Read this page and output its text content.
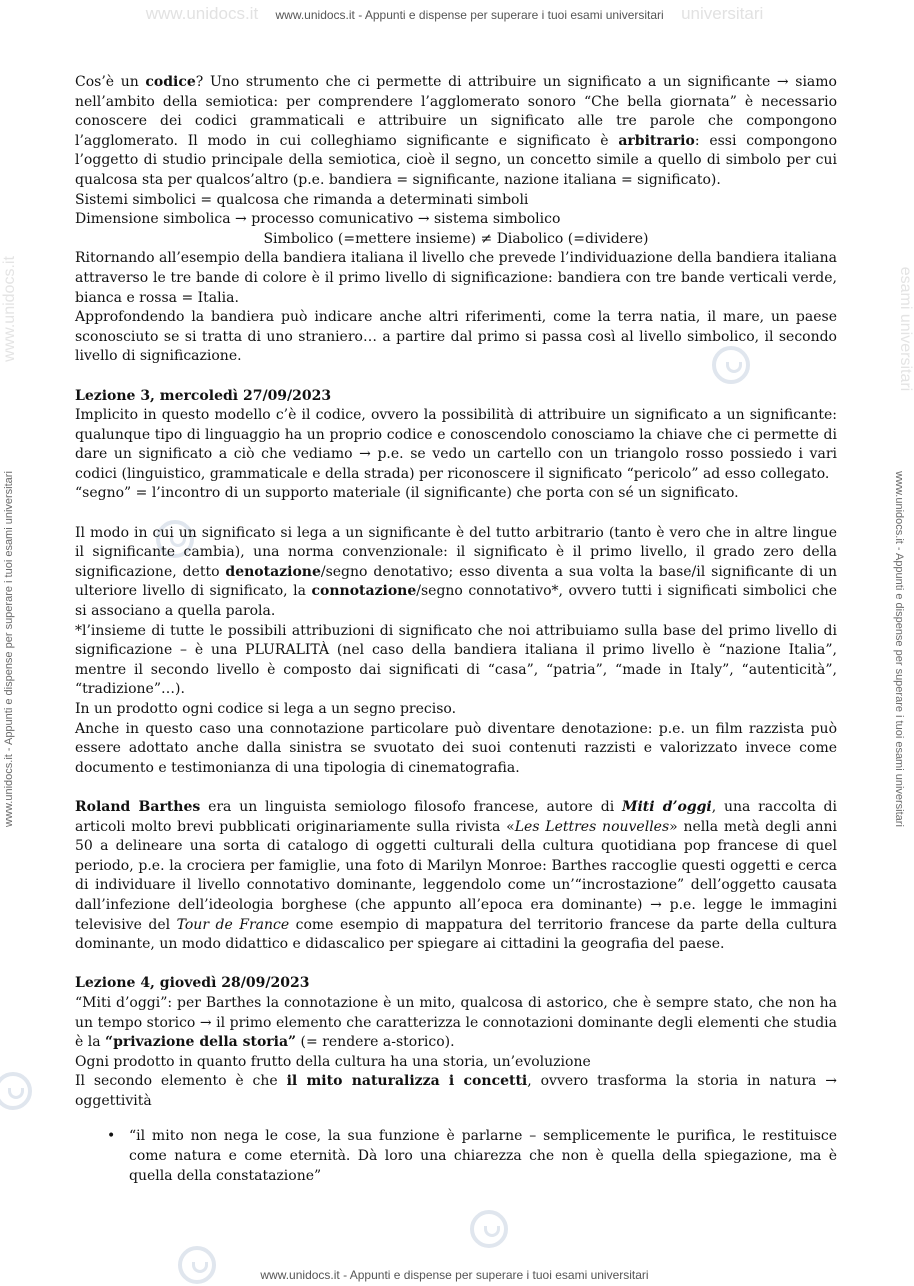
www.unidocs.it www.unidocs.it - Appunti e dispense per superare i tuoi esami universitari universitari
www.unidocs.it - Appunti e dispense per superare i tuoi esami universitari
www.unidocs.it - Appunti e dispense per superare i tuoi esami universitari	www.unidocs.it - Appunti e dispense per superare i tuoi esami universitari
www.unidocs.it	esami universitari

Cos’è un codice? Uno strumento che ci permette di attribuire un significato a un significante → siamo nell’ambito della semiotica: per comprendere l’agglomerato sonoro “Che bella giornata” è necessario conoscere dei codici grammaticali e attribuire un significato alle tre parole che compongono l’agglomerato. Il modo in cui colleghiamo significante e significato è arbitrario: essi compongono l’oggetto di studio principale della semiotica, cioè il segno, un concetto simile a quello di simbolo per cui qualcosa sta per qualcos’altro (p.e. bandiera = significante, nazione italiana = significato).

Sistemi simbolici = qualcosa che rimanda a determinati simboli

Dimensione simbolica → processo comunicativo → sistema simbolico

Simbolico (=mettere insieme) ≠ Diabolico (=dividere)

Ritornando all’esempio della bandiera italiana il livello che prevede l’individuazione della bandiera italiana attraverso le tre bande di colore è il primo livello di significazione: bandiera con tre bande verticali verde, bianca e rossa = Italia.

Approfondendo la bandiera può indicare anche altri riferimenti, come la terra natia, il mare, un paese sconosciuto se si tratta di uno straniero… a partire dal primo si passa così al livello simbolico, il secondo livello di significazione.

Lezione 3, mercoledì 27/09/2023

Implicito in questo modello c’è il codice, ovvero la possibilità di attribuire un significato a un significante: qualunque tipo di linguaggio ha un proprio codice e conoscendolo conosciamo la chiave che ci permette di dare un significato a ciò che vediamo → p.e. se vedo un cartello con un triangolo rosso possiedo i vari codici (linguistico, grammaticale e della strada) per riconoscere il significato “pericolo” ad esso collegato.

“segno” = l’incontro di un supporto materiale (il significante) che porta con sé un significato.

Il modo in cui un significato si lega a un significante è del tutto arbitrario (tanto è vero che in altre lingue il significante cambia), una norma convenzionale: il significato è il primo livello, il grado zero della significazione, detto denotazione/segno denotativo; esso diventa a sua volta la base/il significante di un ulteriore livello di significato, la connotazione/segno connotativo*, ovvero tutti i significati simbolici che si associano a quella parola.

*l’insieme di tutte le possibili attribuzioni di significato che noi attribuiamo sulla base del primo livello di significazione – è una PLURALITÀ (nel caso della bandiera italiana il primo livello è “nazione Italia”, mentre il secondo livello è composto dai significati di “casa”, “patria”, “made in Italy”, “autenticità”, “tradizione”…).

In un prodotto ogni codice si lega a un segno preciso.

Anche in questo caso una connotazione particolare può diventare denotazione: p.e. un film razzista può essere adottato anche dalla sinistra se svuotato dei suoi contenuti razzisti e valorizzato invece come documento e testimonianza di una tipologia di cinematografia.

Roland Barthes era un linguista semiologo filosofo francese, autore di Miti d’oggi, una raccolta di articoli molto brevi pubblicati originariamente sulla rivista «Les Lettres nouvelles» nella metà degli anni 50 a delineare una sorta di catalogo di oggetti culturali della cultura quotidiana pop francese di quel periodo, p.e. la crociera per famiglie, una foto di Marilyn Monroe: Barthes raccoglie questi oggetti e cerca di individuare il livello connotativo dominante, leggendolo come un’“incrostazione” dell’oggetto causata dall’infezione dell’ideologia borghese (che appunto all’epoca era dominante) → p.e. legge le immagini televisive del Tour de France come esempio di mappatura del territorio francese da parte della cultura dominante, un modo didattico e didascalico per spiegare ai cittadini la geografia del paese.

Lezione 4, giovedì 28/09/2023

“Miti d’oggi”: per Barthes la connotazione è un mito, qualcosa di astorico, che è sempre stato, che non ha un tempo storico → il primo elemento che caratterizza le connotazioni dominante degli elementi che studia è la “privazione della storia” (= rendere a-storico).

Ogni prodotto in quanto frutto della cultura ha una storia, un’evoluzione

Il secondo elemento è che il mito naturalizza i concetti, ovvero trasforma la storia in natura → oggettività

• “il mito non nega le cose, la sua funzione è parlarne – semplicemente le purifica, le restituisce come natura e come eternità. Dà loro una chiarezza che non è quella della spiegazione, ma è quella della constatazione”
